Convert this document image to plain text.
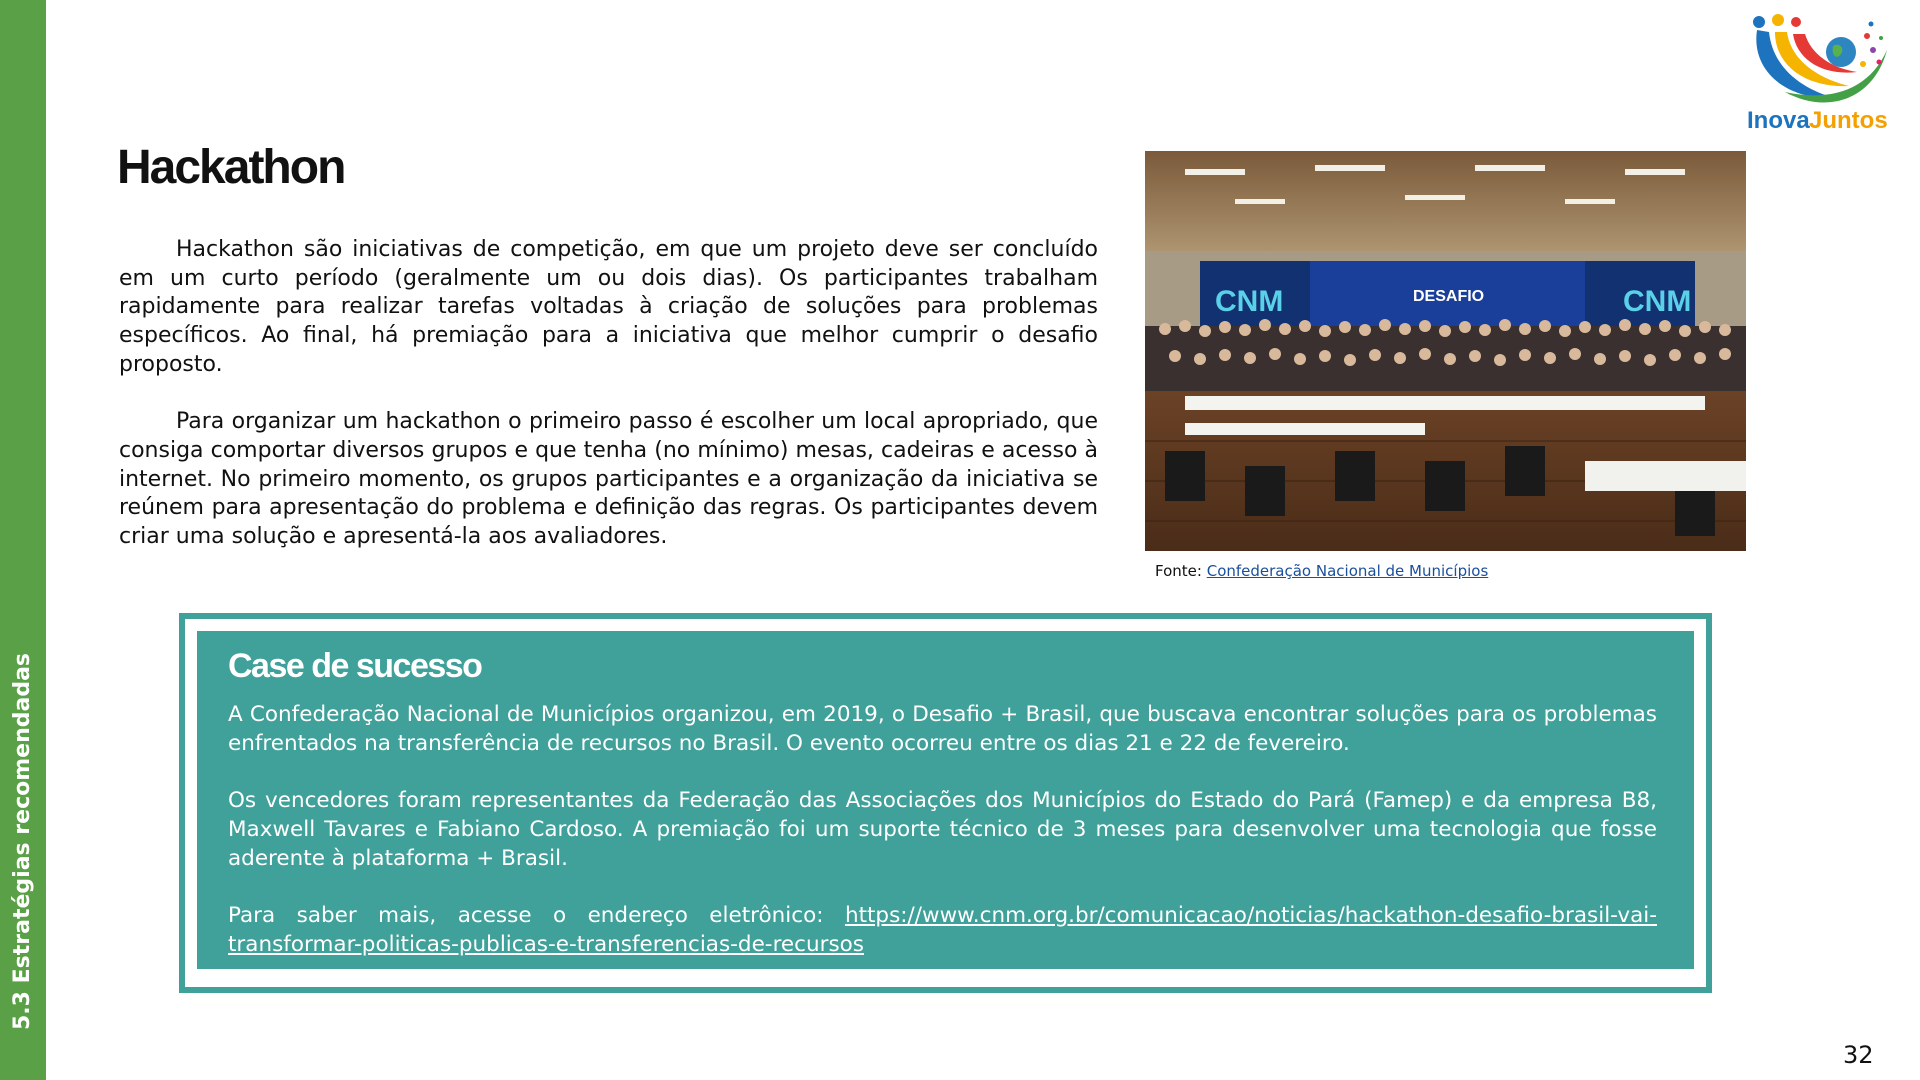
5.3 Estratégias recomendadas
Inova Juntos
Hackathon

Hackathon são iniciativas de competição, em que um projeto deve ser concluído em um curto período (geralmente um ou dois dias). Os participantes trabalham rapidamente para realizar tarefas voltadas à criação de soluções para problemas específicos. Ao final, há premiação para a iniciativa que melhor cumprir o desafio proposto.

Para organizar um hackathon o primeiro passo é escolher um local apropriado, que consiga comportar diversos grupos e que tenha (no mínimo) mesas, cadeiras e acesso à internet. No primeiro momento, os grupos participantes e a organização da iniciativa se reúnem para apresentação do problema e definição das regras. Os participantes devem criar uma solução e apresentá-la aos avaliadores.

CNM	DESAFIO	CNM
Fonte: Confederação Nacional de Municípios
Case de sucesso

A Confederação Nacional de Municípios organizou, em 2019, o Desafio + Brasil, que buscava encontrar soluções para os problemas enfrentados na transferência de recursos no Brasil. O evento ocorreu entre os dias 21 e 22 de fevereiro.

Os vencedores foram representantes da Federação das Associações dos Municípios do Estado do Pará (Famep) e da empresa B8, Maxwell Tavares e Fabiano Cardoso. A premiação foi um suporte técnico de 3 meses para desenvolver uma tecnologia que fosse aderente à plataforma + Brasil.

Para saber mais, acesse o endereço eletrônico: https://www.cnm.org.br/comunicacao/noticias/hackathon-desafio-brasil-vai-transformar-politicas-publicas-e-transferencias-de-recursos

32
